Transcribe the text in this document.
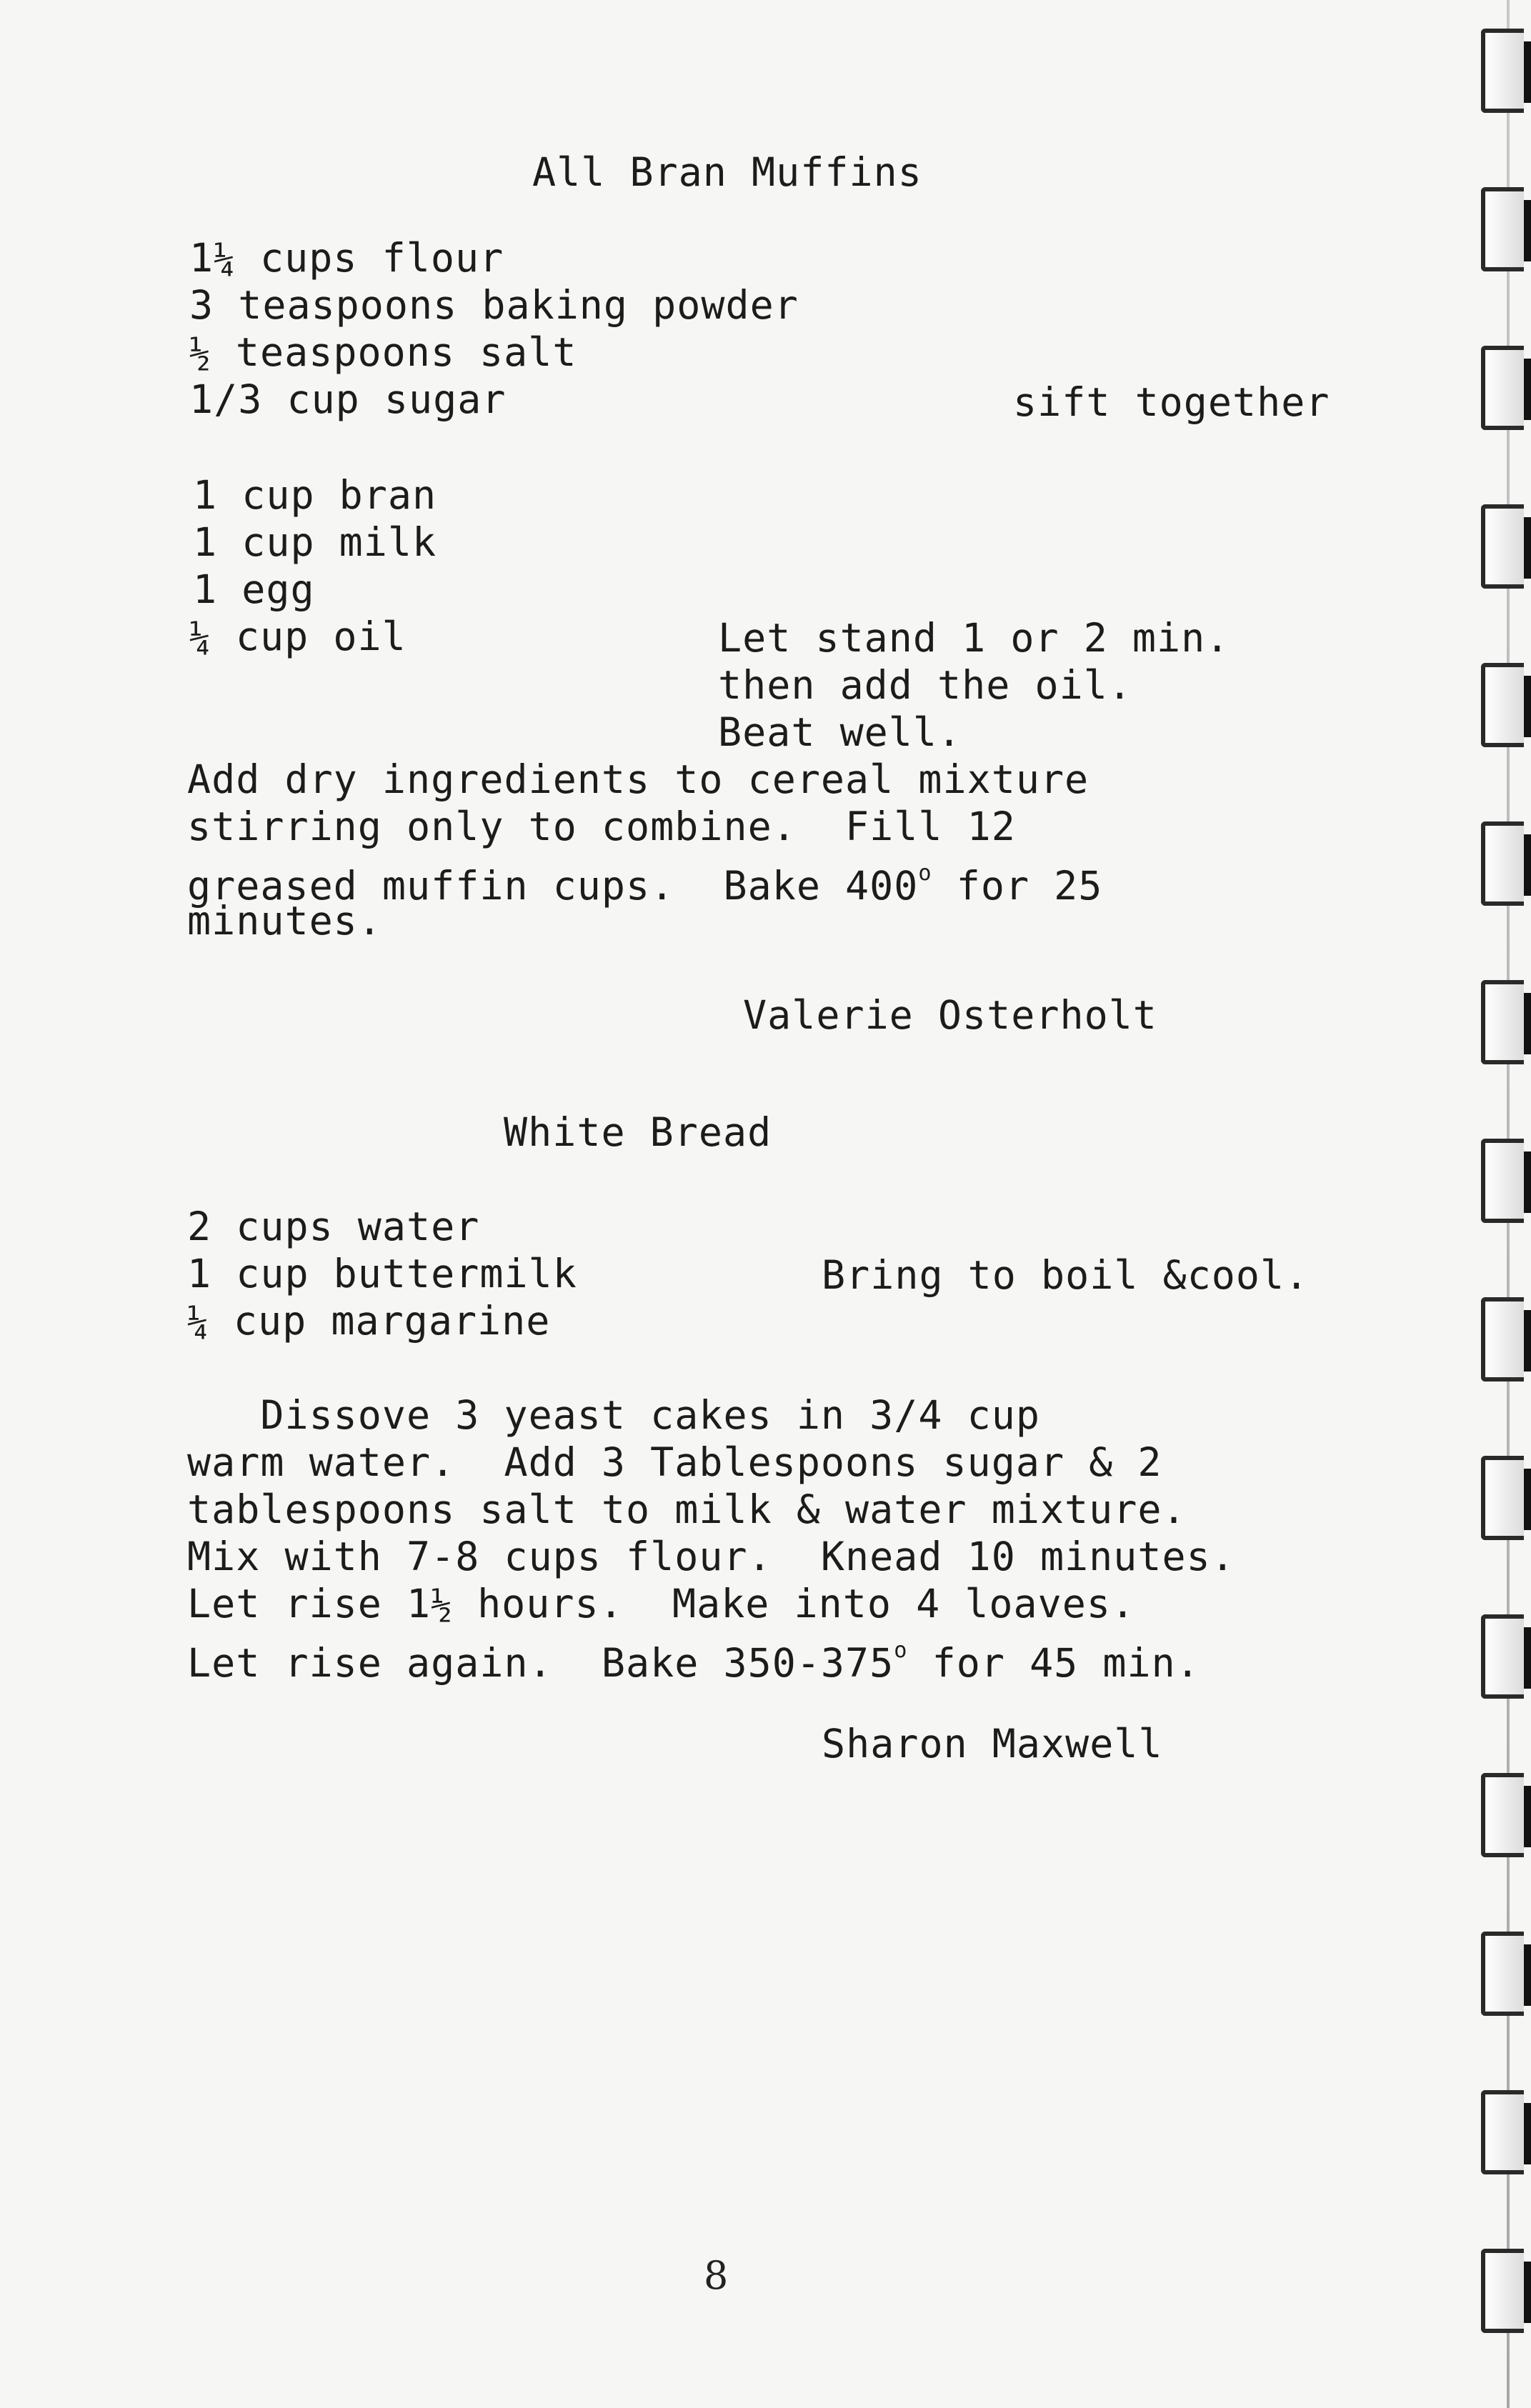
All Bran Muffins
1¼ cups flour
3 teaspoons baking powder
½ teaspoons salt
1/3 cup sugar	sift together
1 cup bran
1 cup milk
1 egg
¼ cup oil	Let stand 1 or 2 min.
then add the oil.
Beat well.
Add dry ingredients to cereal mixture
stirring only to combine.  Fill 12
greased muffin cups.  Bake 400$^o$ for 25
minutes.
Valerie Osterholt
White Bread
2 cups water
1 cup buttermilk	Bring to boil &cool.
¼ cup margarine
Dissove 3 yeast cakes in 3/4 cup
warm water.  Add 3 Tablespoons sugar & 2
tablespoons salt to milk & water mixture.
Mix with 7-8 cups flour.  Knead 10 minutes.
Let rise 1½ hours.  Make into 4 loaves.
Let rise again.  Bake 350-375$^o$ for 45 min.
Sharon Maxwell
8
